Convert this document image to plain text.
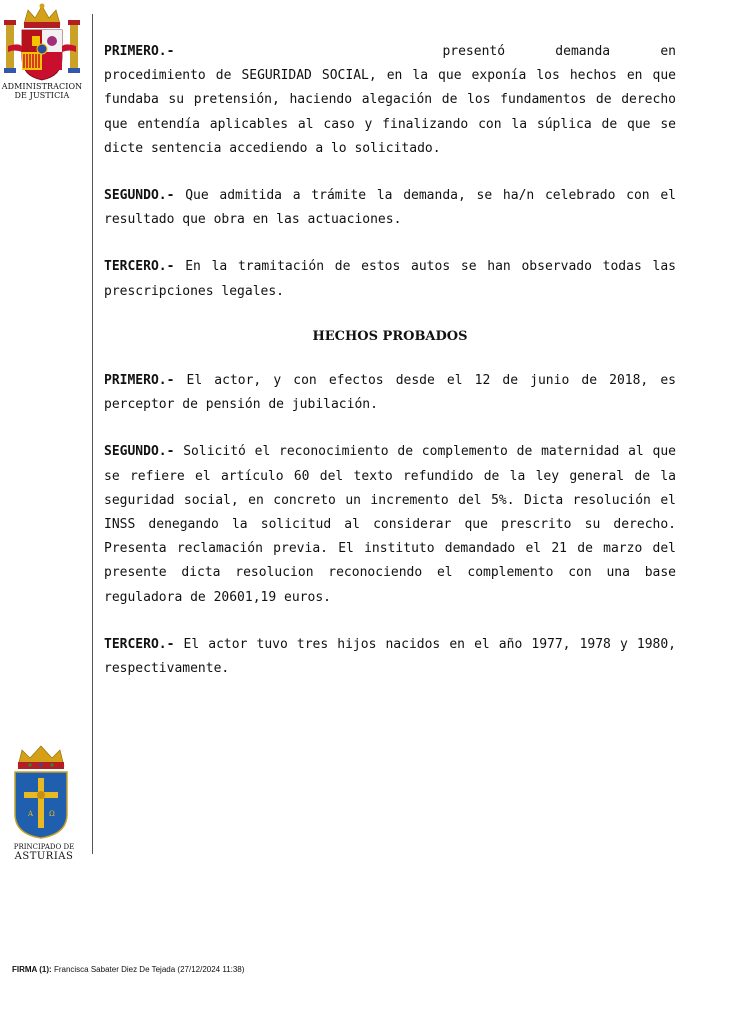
ADMINISTRACION
DE JUSTICIA

PRIMERO.-	presentó demanda en procedimiento de SEGURIDAD SOCIAL, en la que exponía los hechos en que fundaba su pretensión, haciendo alegación de los fundamentos de derecho que entendía aplicables al caso y finalizando con la súplica de que se dicte sentencia accediendo a lo solicitado.

SEGUNDO.- Que admitida a trámite la demanda, se ha/n celebrado con el resultado que obra en las actuaciones.

TERCERO.- En la tramitación de estos autos se han observado todas las prescripciones legales.

HECHOS PROBADOS

PRIMERO.- El actor, y con efectos desde el 12 de junio de 2018, es perceptor de pensión de jubilación.

SEGUNDO.- Solicitó el reconocimiento de complemento de maternidad al que se refiere el artículo 60 del texto refundido de la ley general de la seguridad social, en concreto un incremento del 5%. Dicta resolución el INSS denegando la solicitud al considerar que prescrito su derecho. Presenta reclamación previa. El instituto demandado el 21 de marzo del presente dicta resolucion reconociendo el complemento con una base reguladora de 20601,19 euros.

TERCERO.- El actor tuvo tres hijos nacidos en el año 1977, 1978 y 1980, respectivamente.

A Ω
PRINCIPADO DE
ASTURIAS
FIRMA (1): Francisca Sabater Diez De Tejada (27/12/2024 11:38)
